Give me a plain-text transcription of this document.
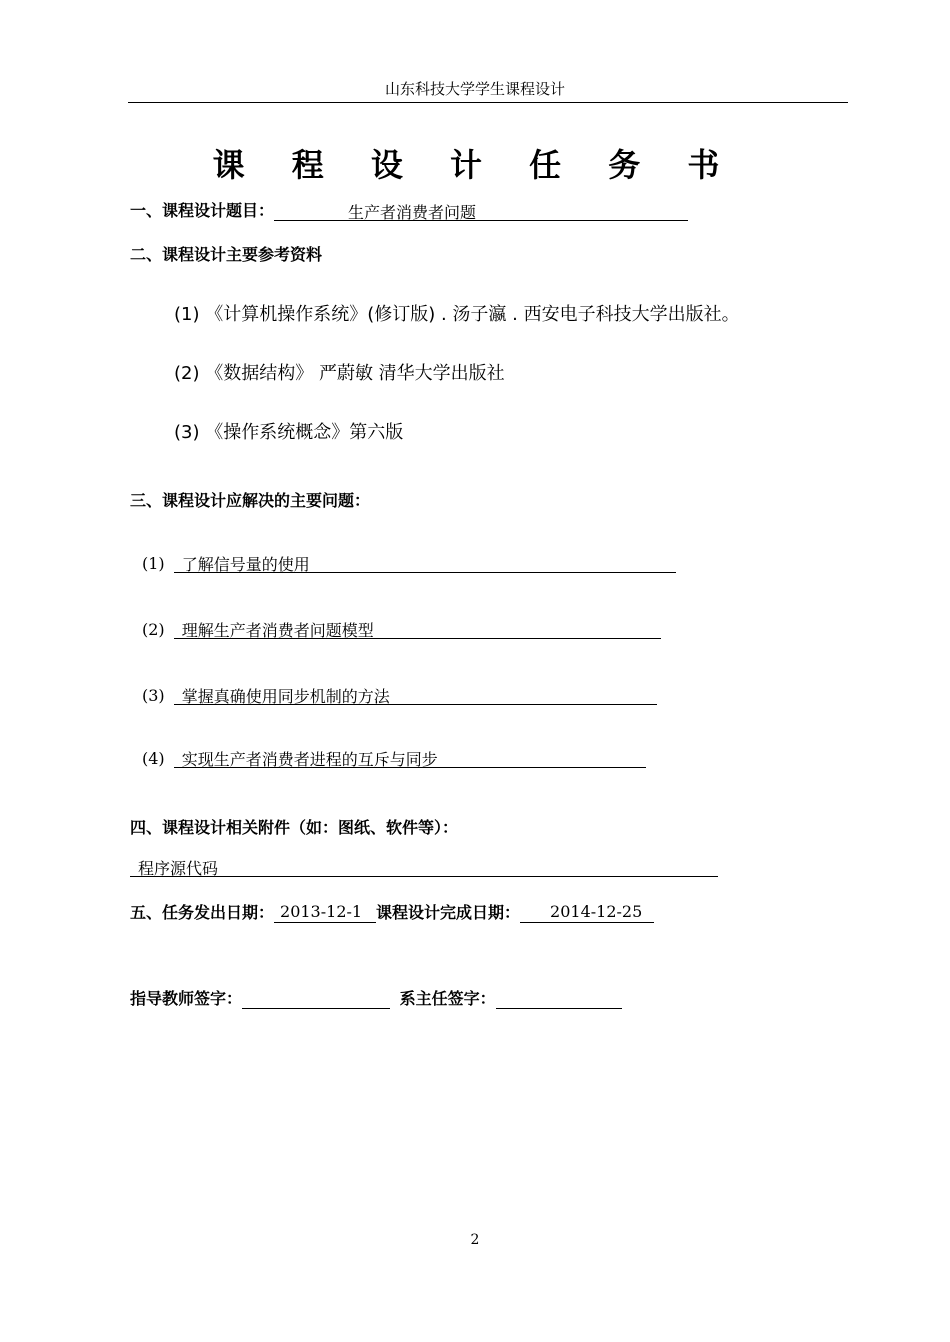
山东科技大学学生课程设计
课 程 设 计 任 务 书
一、课程设计题目：	生产者消费者问题
二、课程设计主要参考资料
(1) 《计算机操作系统》(修订版) . 汤子瀛 . 西安电子科技大学出版社。
(2) 《数据结构》 严蔚敏 清华大学出版社
(3) 《操作系统概念》第六版
三、课程设计应解决的主要问题：
(1) 了解信号量的使用
(2) 理解生产者消费者问题模型
(3) 掌握真确使用同步机制的方法
(4) 实现生产者消费者进程的互斥与同步
四、课程设计相关附件（如：图纸、软件等）：
程序源代码
五、任务发出日期： 2013-12-1 课程设计完成日期： 2014-12-25
指导教师签字：	系主任签字：
2
